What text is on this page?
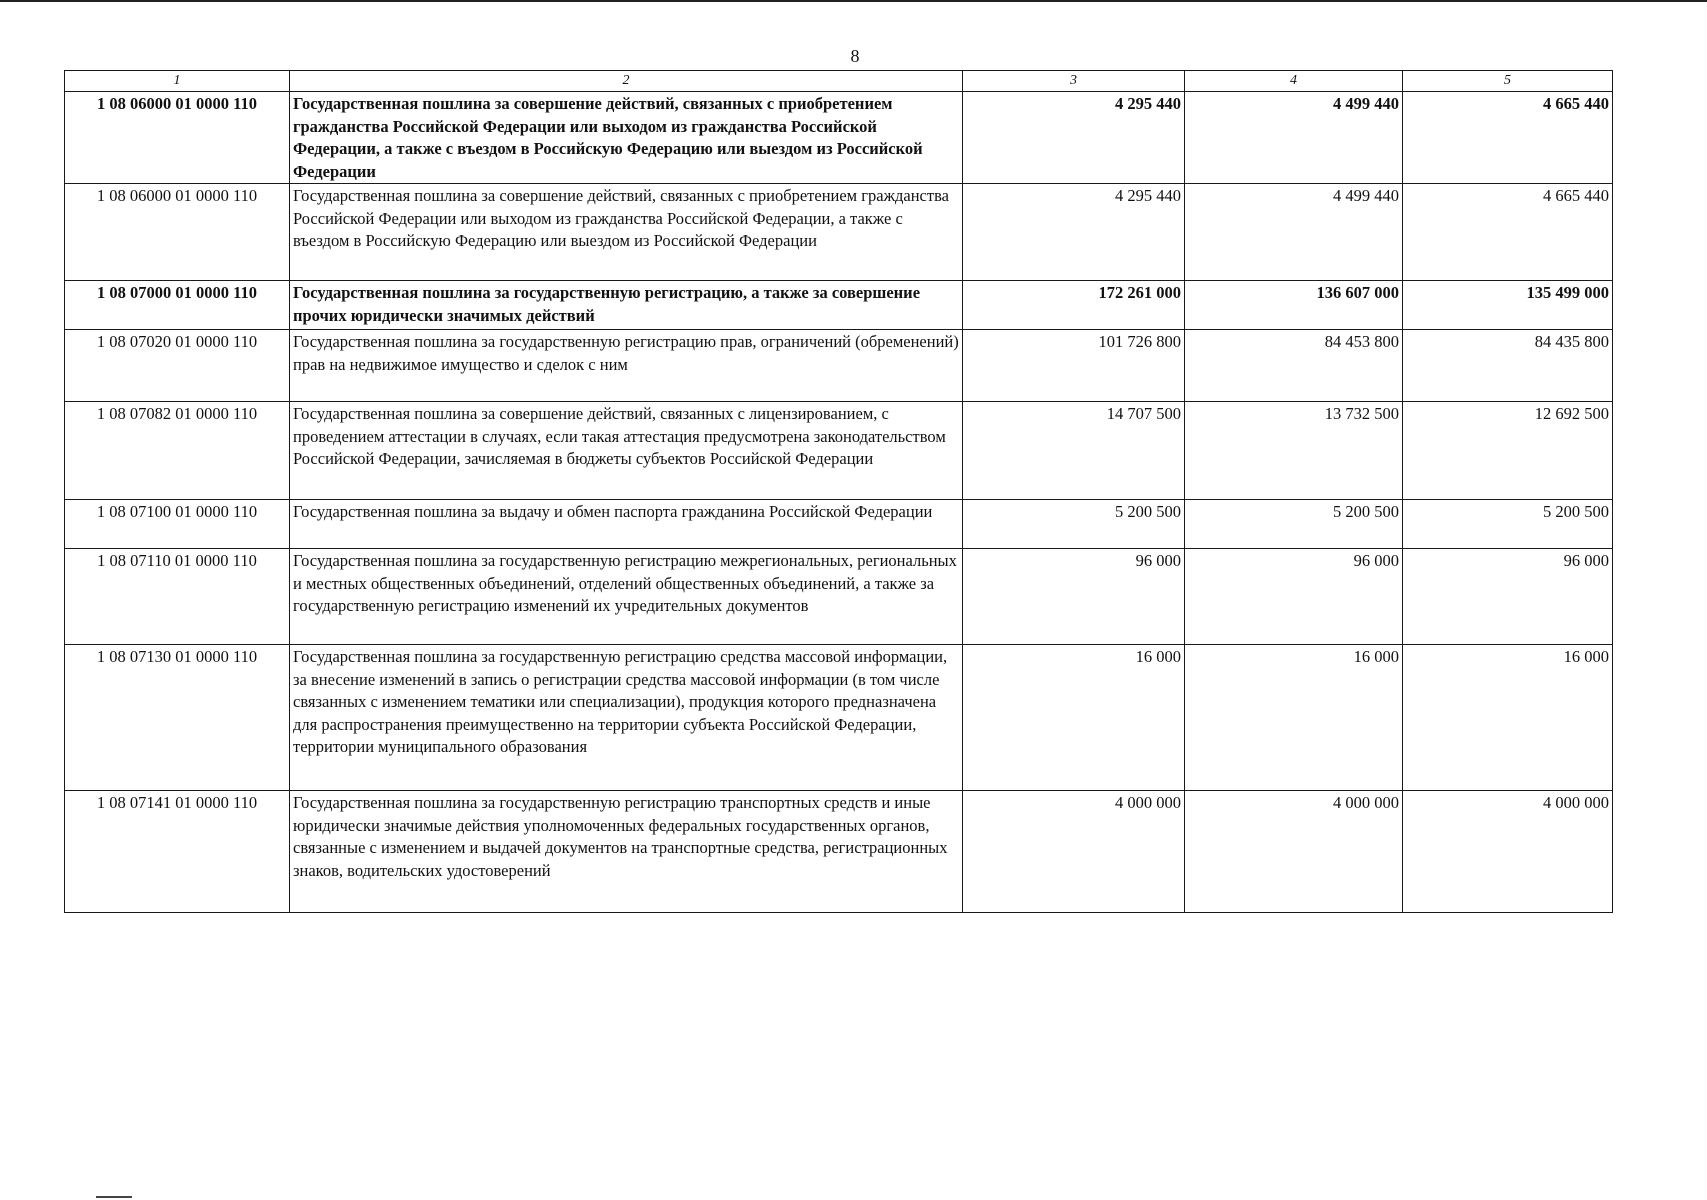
8
1	2	3	4	5
1 08 06000 01 0000 110	Государственная пошлина за совершение действий, связанных с приобретением гражданства Российской Федерации или выходом из гражданства Российской Федерации, а также с въездом в Российскую Федерацию или выездом из Российской Федерации	4 295 440	4 499 440	4 665 440
1 08 06000 01 0000 110	Государственная пошлина за совершение действий, связанных с приобретением гражданства Российской Федерации или выходом из гражданства Российской Федерации, а также с въездом в Российскую Федерацию или выездом из Российской Федерации	4 295 440	4 499 440	4 665 440
1 08 07000 01 0000 110	Государственная пошлина за государственную регистрацию, а также за совершение прочих юридически значимых действий	172 261 000	136 607 000	135 499 000
1 08 07020 01 0000 110	Государственная пошлина за государственную регистрацию прав, ограничений (обременений) прав на недвижимое имущество и сделок с ним	101 726 800	84 453 800	84 435 800
1 08 07082 01 0000 110	Государственная пошлина за совершение действий, связанных с лицензированием, с проведением аттестации в случаях, если такая аттестация предусмотрена законодательством Российской Федерации, зачисляемая в бюджеты субъектов Российской Федерации	14 707 500	13 732 500	12 692 500
1 08 07100 01 0000 110	Государственная пошлина за выдачу и обмен паспорта гражданина Российской Федерации	5 200 500	5 200 500	5 200 500
1 08 07110 01 0000 110	Государственная пошлина за государственную регистрацию межрегиональных, региональных и местных общественных объединений, отделений общественных объединений, а также за государственную регистрацию изменений их учредительных документов	96 000	96 000	96 000
1 08 07130 01 0000 110	Государственная пошлина за государственную регистрацию средства массовой информации, за внесение изменений в запись о регистрации средства массовой информации (в том числе связанных с изменением тематики или специализации), продукция которого предназначена для распространения преимущественно на территории субъекта Российской Федерации, территории муниципального образования	16 000	16 000	16 000
1 08 07141 01 0000 110	Государственная пошлина за государственную регистрацию транспортных средств и иные юридически значимые действия уполномоченных федеральных государственных органов, связанные с изменением и выдачей документов на транспортные средства, регистрационных знаков, водительских удостоверений	4 000 000	4 000 000	4 000 000
